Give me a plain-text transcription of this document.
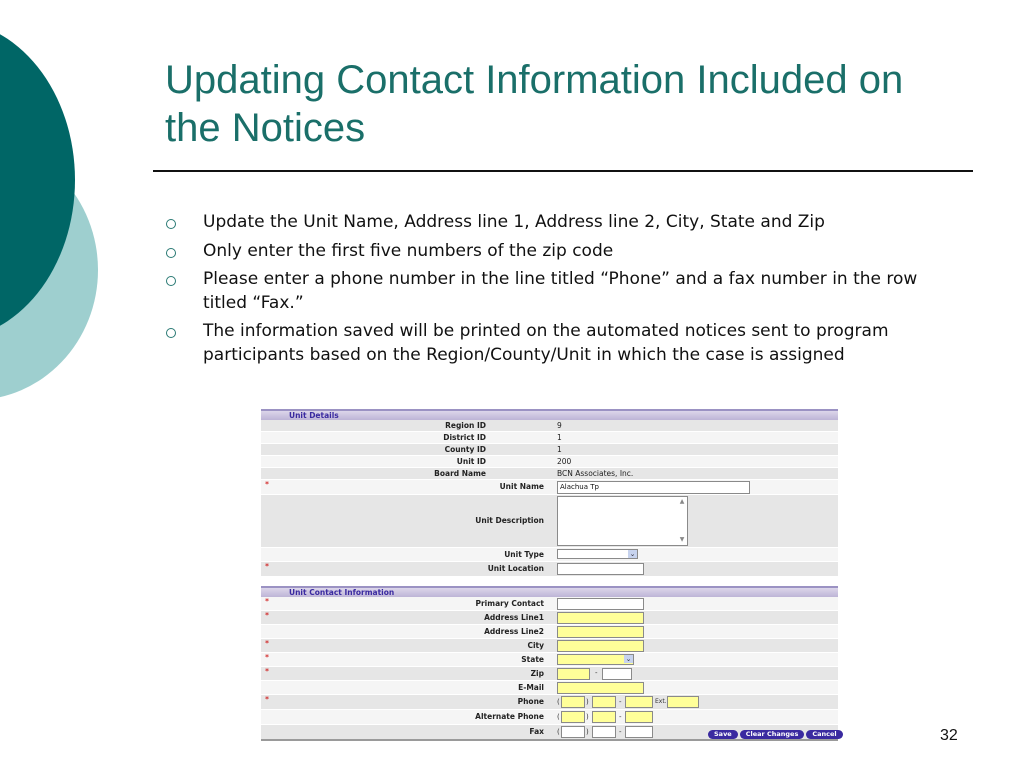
Updating Contact Information Included on the Notices
Update the Unit Name, Address line 1, Address line 2, City, State and Zip
Only enter the first five numbers of the zip code
Please enter a phone number in the line titled “Phone” and a fax number in the row titled “Fax.”
The information saved will be printed on the automated notices sent to program participants based on the Region/County/Unit in which the case is assigned
Unit Details
Region ID	9
District ID	1
County ID	1
Unit ID	200
Board Name	BCN Associates, Inc.
*	Unit Name	Alachua Tp
Unit Description
▲
▼
Unit Type	⌄
*	Unit Location
Unit Contact Information
*	Primary Contact
*	Address Line1
Address Line2
*	City
*	State	⌄
*	Zip	-
E-Mail
*	Phone (	)	-	Ext.
Alternate Phone (	)	-
Fax (	)	-	Save	Clear Changes	Cancel	32
